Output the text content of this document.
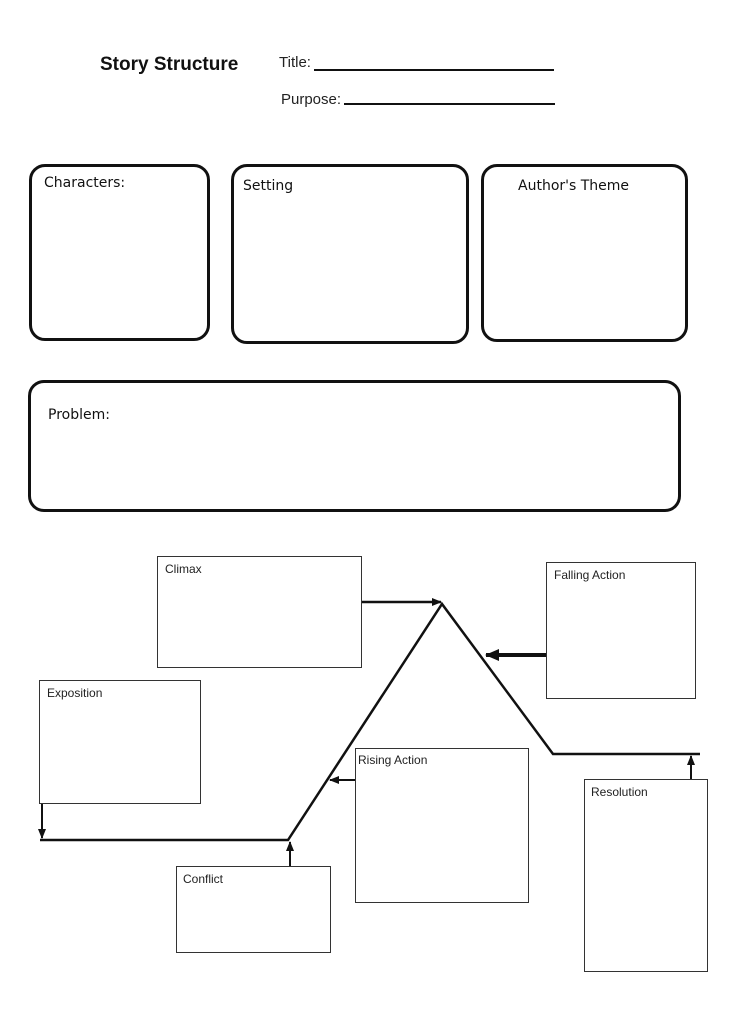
Story Structure	Title:
Purpose:
Characters:	Setting	Author's Theme
Problem:
Climax	Falling Action
Exposition
Rising Action
Resolution
Conflict
